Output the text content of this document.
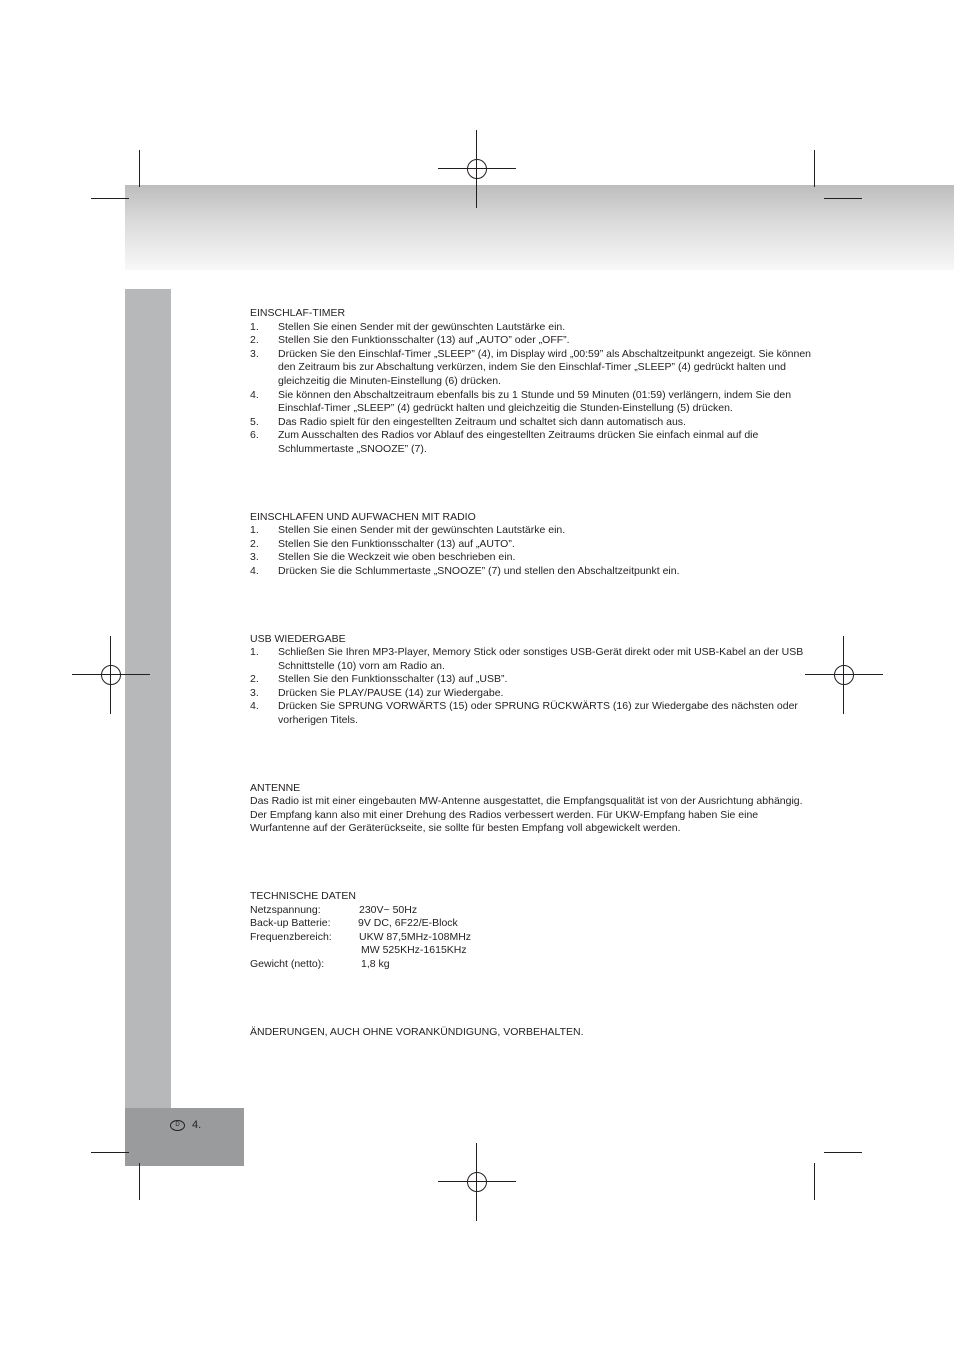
D	4.
EINSCHLAF-TIMER
1. Stellen Sie einen Sender mit der gewünschten Lautstärke ein.
2. Stellen Sie den Funktionsschalter (13) auf „AUTO” oder „OFF”.
3. Drücken Sie den Einschlaf-Timer „SLEEP” (4), im Display wird „00:59” als Abschaltzeitpunkt angezeigt. Sie können den Zeitraum bis zur Abschaltung verkürzen, indem Sie den Einschlaf-Timer „SLEEP” (4) gedrückt halten und gleichzeitig die Minuten-Einstellung (6) drücken.
4. Sie können den Abschaltzeitraum ebenfalls bis zu 1 Stunde und 59 Minuten (01:59) verlängern, indem Sie den Einschlaf-Timer „SLEEP” (4) gedrückt halten und gleichzeitig die Stunden-Einstellung (5) drücken.
5. Das Radio spielt für den eingestellten Zeitraum und schaltet sich dann automatisch aus.
6. Zum Ausschalten des Radios vor Ablauf des eingestellten Zeitraums drücken Sie einfach einmal auf die Schlummertaste „SNOOZE” (7).
EINSCHLAFEN UND AUFWACHEN MIT RADIO
1. Stellen Sie einen Sender mit der gewünschten Lautstärke ein.
2. Stellen Sie den Funktionsschalter (13) auf „AUTO”.
3. Stellen Sie die Weckzeit wie oben beschrieben ein.
4. Drücken Sie die Schlummertaste „SNOOZE” (7) und stellen den Abschaltzeitpunkt ein.
USB WIEDERGABE
1. Schließen Sie Ihren MP3-Player, Memory Stick oder sonstiges USB-Gerät direkt oder mit USB-Kabel an der USB Schnittstelle (10) vorn am Radio an.
2. Stellen Sie den Funktionsschalter (13) auf „USB”.
3. Drücken Sie PLAY/PAUSE (14) zur Wiedergabe.
4. Drücken Sie SPRUNG VORWÄRTS (15) oder SPRUNG RÜCKWÄRTS (16) zur Wiedergabe des nächsten oder vorherigen Titels.
ANTENNE

Das Radio ist mit einer eingebauten MW-Antenne ausgestattet, die Empfangsqualität ist von der Ausrichtung abhängig. Der Empfang kann also mit einer Drehung des Radios verbessert werden. Für UKW-Empfang haben Sie eine Wurfantenne auf der Geräterückseite, sie sollte für besten Empfang voll abgewickelt werden.

TECHNISCHE DATEN
Netzspannung:	230V~ 50Hz
Back-up Batterie:	9V DC, 6F22/E-Block
Frequenzbereich:	UKW 87,5MHz-108MHz
MW 525KHz-1615KHz
Gewicht (netto):	1,8 kg

ÄNDERUNGEN, AUCH OHNE VORANKÜNDIGUNG, VORBEHALTEN.
